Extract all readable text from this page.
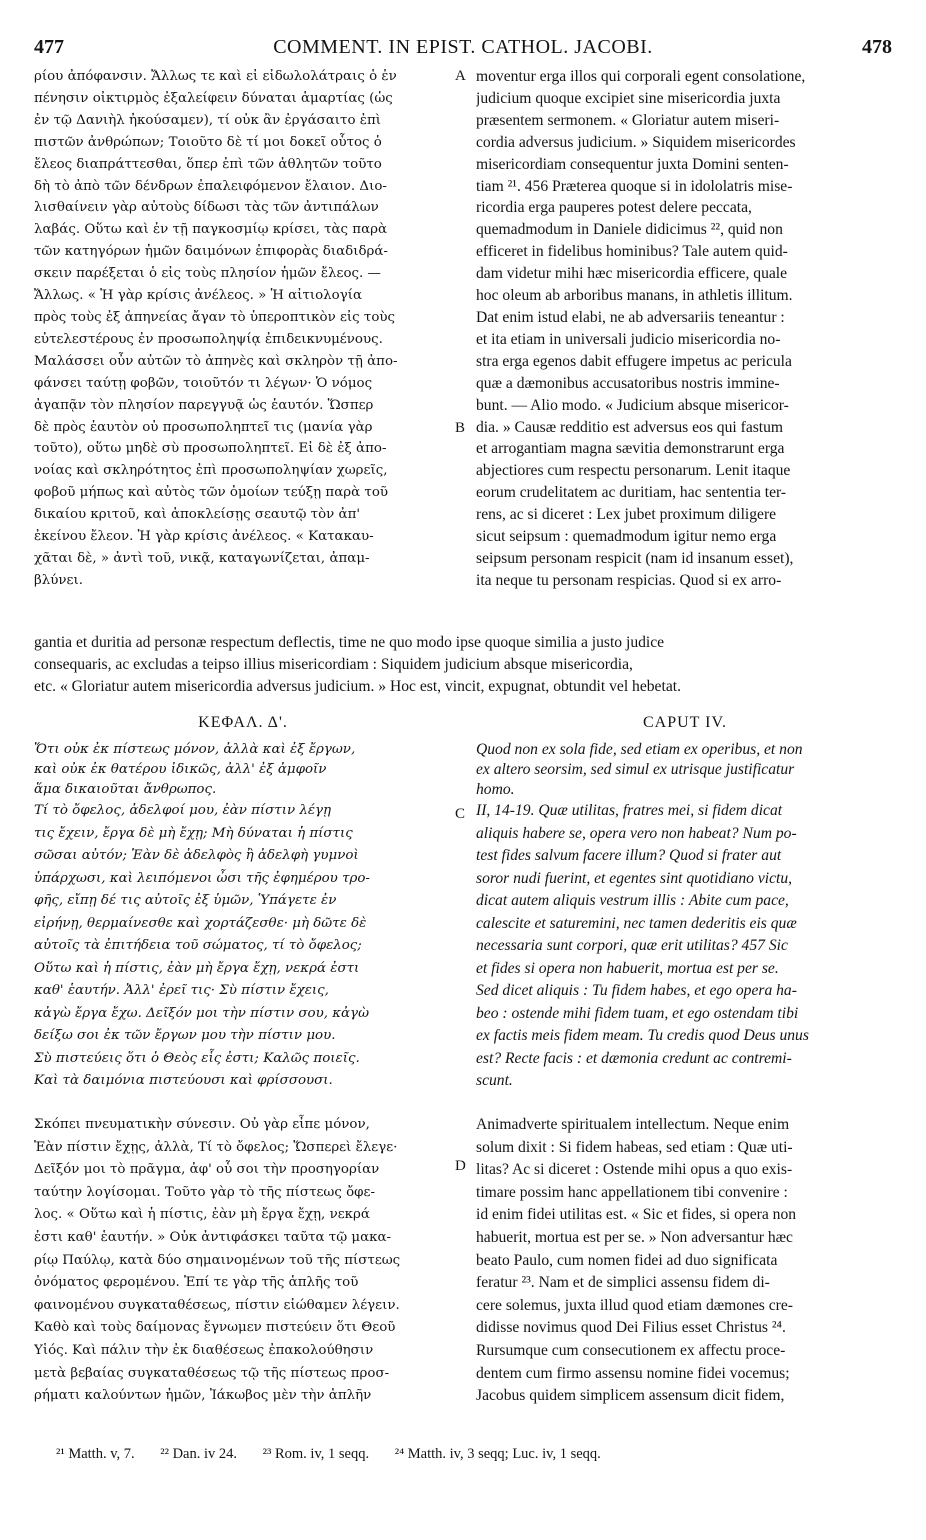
477	COMMENT. IN EPIST. CATHOL. JACOBI.	478
ρίου ἀπόφανσιν. Ἄλλως τε καὶ εἰ εἰδωλολάτραις ὁ ἐν
πένησιν οἰκτιρμὸς ἐξαλείφειν δύναται ἁμαρτίας (ὡς
ἐν τῷ Δανιὴλ ἠκούσαμεν), τί οὐκ ἂν ἐργάσαιτο ἐπὶ
πιστῶν ἀνθρώπων; Τοιοῦτο δὲ τί μοι δοκεῖ οὗτος ὁ
ἔλεος διαπράττεσθαι, ὅπερ ἐπὶ τῶν ἀθλητῶν τοῦτο
δὴ τὸ ἀπὸ τῶν δένδρων ἐπαλειφόμενον ἔλαιον. Διο-
λισθαίνειν γὰρ αὐτοὺς δίδωσι τὰς τῶν ἀντιπάλων
λαβάς. Οὕτω καὶ ἐν τῇ παγκοσμίῳ κρίσει, τὰς παρὰ
τῶν κατηγόρων ἡμῶν δαιμόνων ἐπιφορὰς διαδιδρά-
σκειν παρέξεται ὁ εἰς τοὺς πλησίον ἡμῶν ἔλεος. —
Ἄλλως. « Ἡ γὰρ κρίσις ἀνέλεος. » Ἡ αἰτιολογία
πρὸς τοὺς ἐξ ἀπηνείας ἄγαν τὸ ὑπεροπτικὸν εἰς τοὺς
εὐτελεστέρους ἐν προσωποληψίᾳ ἐπιδεικνυμένους.
Μαλάσσει οὖν αὐτῶν τὸ ἀπηνὲς καὶ σκληρὸν τῇ ἀπο-
φάνσει ταύτῃ φοβῶν, τοιοῦτόν τι λέγων· Ὁ νόμος
ἀγαπᾷν τὸν πλησίον παρεγγυᾷ ὡς ἑαυτόν. Ὥσπερ
δὲ πρὸς ἑαυτὸν οὐ προσωποληπτεῖ τις (μανία γὰρ
τοῦτο), οὕτω μηδὲ σὺ προσωποληπτεῖ. Εἰ δὲ ἐξ ἀπο-
νοίας καὶ σκληρότητος ἐπὶ προσωποληψίαν χωρεῖς,
φοβοῦ μήπως καὶ αὐτὸς τῶν ὁμοίων τεύξῃ παρὰ τοῦ
δικαίου κριτοῦ, καὶ ἀποκλείσῃς σεαυτῷ τὸν ἀπ'
ἐκείνου ἔλεον. Ἡ γὰρ κρίσις ἀνέλεος. « Κατακαυ-
χᾶται δὲ, » ἀντὶ τοῦ, νικᾷ, καταγωνίζεται, ἀπαμ-
βλύνει.
moventur erga illos qui corporali egent consolatione,
judicium quoque excipiet sine misericordia juxta
præsentem sermonem. « Gloriatur autem miseri-
cordia adversus judicium. » Siquidem misericordes
misericordiam consequentur juxta Domini senten-
tiam ²¹. 456 Præterea quoque si in idololatris mise-
ricordia erga pauperes potest delere peccata,
quemadmodum in Daniele didicimus ²², quid non
efficeret in fidelibus hominibus? Tale autem quid-
dam videtur mihi hæc misericordia efficere, quale
hoc oleum ab arboribus manans, in athletis illitum.
Dat enim istud elabi, ne ab adversariis teneantur :
et ita etiam in universali judicio misericordia no-
stra erga egenos dabit effugere impetus ac pericula
quæ a dæmonibus accusatoribus nostris immine-
bunt. — Alio modo. « Judicium absque misericor-
dia. » Causæ redditio est adversus eos qui fastum
et arrogantiam magna sævitia demonstrarunt erga
abjectiores cum respectu personarum. Lenit itaque
eorum crudelitatem ac duritiam, hac sententia ter-
rens, ac si diceret : Lex jubet proximum diligere
sicut seipsum : quemadmodum igitur nemo erga
seipsum personam respicit (nam id insanum esset),
ita neque tu personam respicias. Quod si ex arro-
gantia et duritia ad personæ respectum deflectis, time ne quo modo ipse quoque similia a justo judice
consequaris, ac excludas a teipso illius misericordiam : Siquidem judicium absque misericordia,
etc. « Gloriatur autem misericordia adversus judicium. » Hoc est, vincit, expugnat, obtundit vel hebetat.
A
B
C
D
ΚΕΦΑΛ. Δ'.	CAPUT IV.
Ὅτι οὐκ ἐκ πίστεως μόνον, ἀλλὰ καὶ ἐξ ἔργων,
καὶ οὐκ ἐκ θατέρου ἰδικῶς, ἀλλ' ἐξ ἀμφοῖν
ἅμα δικαιοῦται ἄνθρωπος.
Quod non ex sola fide, sed etiam ex operibus, et non
ex altero seorsim, sed simul ex utrisque justificatur
homo.
Τί τὸ ὄφελος, ἀδελφοί μου, ἐὰν πίστιν λέγῃ
τις ἔχειν, ἔργα δὲ μὴ ἔχῃ; Μὴ δύναται ἡ πίστις
σῶσαι αὐτόν; Ἐὰν δὲ ἀδελφὸς ἢ ἀδελφὴ γυμνοὶ
ὑπάρχωσι, καὶ λειπόμενοι ὦσι τῆς ἐφημέρου τρο-
φῆς, εἴπῃ δέ τις αὐτοῖς ἐξ ὑμῶν, Ὑπάγετε ἐν
εἰρήνῃ, θερμαίνεσθε καὶ χορτάζεσθε· μὴ δῶτε δὲ
αὐτοῖς τὰ ἐπιτήδεια τοῦ σώματος, τί τὸ ὄφελος;
Οὕτω καὶ ἡ πίστις, ἐὰν μὴ ἔργα ἔχῃ, νεκρά ἐστι
καθ' ἑαυτήν. Ἀλλ' ἐρεῖ τις· Σὺ πίστιν ἔχεις,
κἀγὼ ἔργα ἔχω. Δεῖξόν μοι τὴν πίστιν σου, κἀγὼ
δείξω σοι ἐκ τῶν ἔργων μου τὴν πίστιν μου.
Σὺ πιστεύεις ὅτι ὁ Θεὸς εἷς ἐστι; Καλῶς ποιεῖς.
Καὶ τὰ δαιμόνια πιστεύουσι καὶ φρίσσουσι.
II, 14-19. Quæ utilitas, fratres mei, si fidem dicat
aliquis habere se, opera vero non habeat? Num po-
test fides salvum facere illum? Quod si frater aut
soror nudi fuerint, et egentes sint quotidiano victu,
dicat autem aliquis vestrum illis : Abite cum pace,
calescite et saturemini, nec tamen dederitis eis quæ
necessaria sunt corpori, quæ erit utilitas? 457 Sic
et fides si opera non habuerit, mortua est per se.
Sed dicet aliquis : Tu fidem habes, et ego opera ha-
beo : ostende mihi fidem tuam, et ego ostendam tibi
ex factis meis fidem meam. Tu credis quod Deus unus
est? Recte facis : et dæmonia credunt ac contremi-
scunt.
Σκόπει πνευματικὴν σύνεσιν. Οὐ γὰρ εἶπε μόνον,
Ἐὰν πίστιν ἔχῃς, ἀλλὰ, Τί τὸ ὄφελος; Ὥσπερεὶ ἔλεγε·
Δεῖξόν μοι τὸ πρᾶγμα, ἀφ' οὗ σοι τὴν προσηγορίαν
ταύτην λογίσομαι. Τοῦτο γὰρ τὸ τῆς πίστεως ὄφε-
λος. « Οὕτω καὶ ἡ πίστις, ἐὰν μὴ ἔργα ἔχῃ, νεκρά
ἐστι καθ' ἑαυτήν. » Οὐκ ἀντιφάσκει ταῦτα τῷ μακα-
ρίῳ Παύλῳ, κατὰ δύο σημαινομένων τοῦ τῆς πίστεως
ὀνόματος φερομένου. Ἐπί τε γὰρ τῆς ἁπλῆς τοῦ
φαινομένου συγκαταθέσεως, πίστιν εἰώθαμεν λέγειν.
Καθὸ καὶ τοὺς δαίμονας ἔγνωμεν πιστεύειν ὅτι Θεοῦ
Υἱός. Καὶ πάλιν τὴν ἐκ διαθέσεως ἐπακολούθησιν
μετὰ βεβαίας συγκαταθέσεως τῷ τῆς πίστεως προσ-
ρήματι καλούντων ἡμῶν, Ἰάκωβος μὲν τὴν ἁπλῆν
Animadverte spiritualem intellectum. Neque enim
solum dixit : Si fidem habeas, sed etiam : Quæ uti-
litas? Ac si diceret : Ostende mihi opus a quo exis-
timare possim hanc appellationem tibi convenire :
id enim fidei utilitas est. « Sic et fides, si opera non
habuerit, mortua est per se. » Non adversantur hæc
beato Paulo, cum nomen fidei ad duo significata
feratur ²³. Nam et de simplici assensu fidem di-
cere solemus, juxta illud quod etiam dæmones cre-
didisse novimus quod Dei Filius esset Christus ²⁴.
Rursumque cum consecutionem ex affectu proce-
dentem cum firmo assensu nomine fidei vocemus;
Jacobus quidem simplicem assensum dicit fidem,
²¹ Matth. v, 7. ²² Dan. iv 24. ²³ Rom. iv, 1 seqq. ²⁴ Matth. iv, 3 seqq; Luc. iv, 1 seqq.
